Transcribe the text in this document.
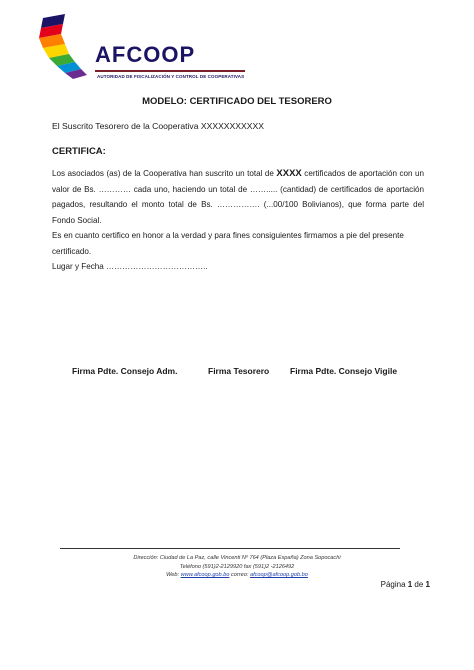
AFCOOP
AUTORIDAD DE FISCALIZACIÓN Y CONTROL DE COOPERATIVAS
MODELO: CERTIFICADO DEL TESORERO
El Suscrito Tesorero de la Cooperativa XXXXXXXXXXX
CERTIFICA:

Los asociados (as) de la Cooperativa han suscrito un total de XXXX certificados de aportación con un valor de Bs. ………… cada uno, haciendo un total de ……..... (cantidad) de certificados de aportación pagados, resultando el monto total de Bs. ……………. (...00/100 Bolivianos), que forma parte del Fondo Social.

Es en cuanto certifico en honor a la verdad y para fines consiguientes firmamos a pie del presente certificado.

Lugar y Fecha ………………………………..

Firma Pdte. Consejo Adm.	Firma Tesorero Firma Pdte. Consejo Vigile
Dirección: Ciudad de La Paz, calle Vincenti Nº 764 (Plaza España) Zona Sopocachi
Teléfono (591)2-2129920 fax (591)2 -2126492
Web: www.afcoop.gob.bo correo: afcoop@afcoop.gob.bo
Página 1 de 1
